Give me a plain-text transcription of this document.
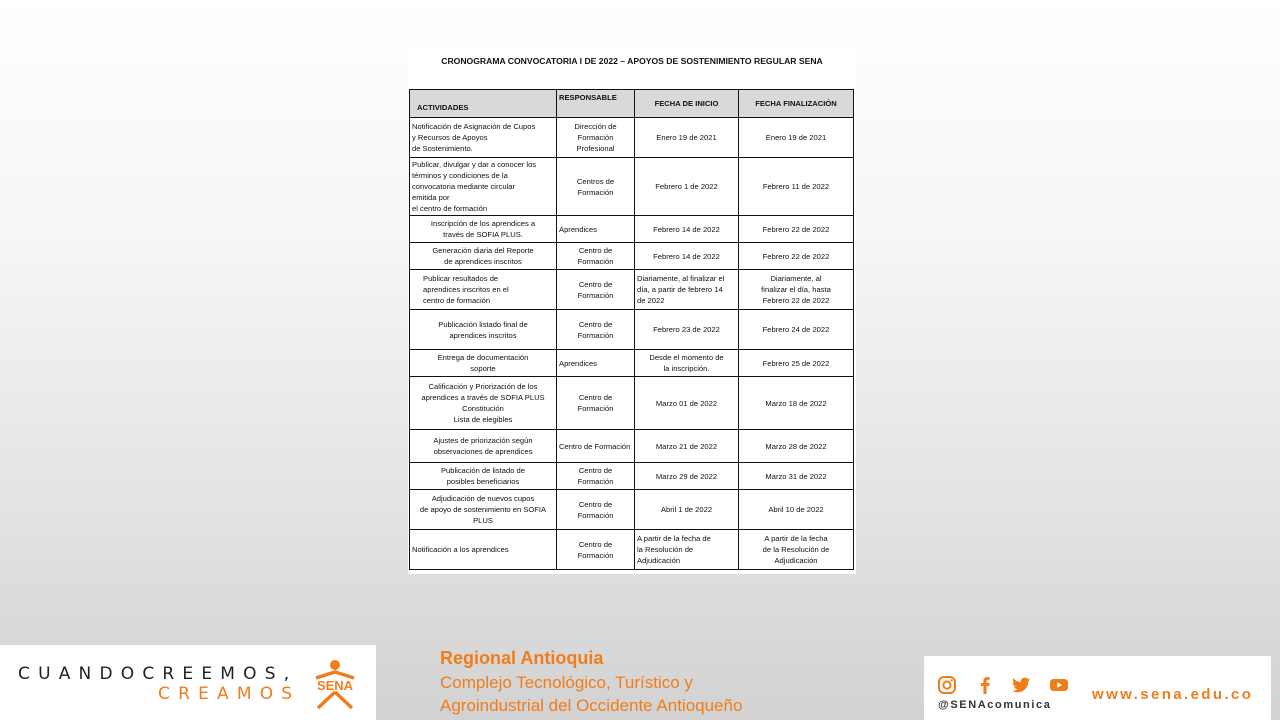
CRONOGRAMA CONVOCATORIA I DE 2022 – APOYOS DE SOSTENIMIENTO REGULAR SENA
ACTIVIDADES	RESPONSABLE	FECHA DE INICIO	FECHA FINALIZACIÓN

Notificación de Asignación de Cupos
y Recursos de Apoyos
de Sostenimiento.	Dirección de
Formación
Profesional	Enero 19 de 2021	Enero 19 de 2021

Publicar, divulgar y dar a conocer los
términos y condiciones de la
convocatoria mediante circular
emitida por
el centro de formación	Centros de
Formación	Febrero 1 de 2022	Febrero 11 de 2022

Inscripción de los aprendices a
través de SOFIA PLUS.	Aprendices	Febrero 14 de 2022	Febrero 22 de 2022

Generación diaria del Reporte
de aprendices inscritos	Centro de
Formación	Febrero 14 de 2022	Febrero 22 de 2022

Publicar resultados de
aprendices inscritos en el
centro de formación	Centro de
Formación	Diariamente, al finalizar el
día, a partir de febrero 14
de 2022	Diariamente, al
finalizar el día, hasta
Febrero 22 de 2022

Publicación listado final de
aprendices inscritos	Centro de
Formación	Febrero 23 de 2022	Febrero 24 de 2022

Entrega de documentación
soporte	Aprendices	Desde el momento de
la inscripción.	Febrero 25 de 2022

Calificación y Priorización de los
aprendices a través de SOFIA PLUS
Constitución
Lista de elegibles	Centro de
Formación	Marzo 01 de 2022	Marzo 18 de 2022

Ajustes de priorización según
observaciones de aprendices	Centro de Formación	Marzo 21 de 2022	Marzo 28 de 2022

Publicación de listado de
posibles beneficiarios	Centro de
Formación	Marzo 29 de 2022	Marzo 31 de 2022

Adjudicación de nuevos cupos
de apoyo de sostenimiento en SOFIA
PLUS	Centro de
Formación	Abril 1 de 2022	Abril 10 de 2022

Notificación a los aprendices	Centro de
Formación	A partir de la fecha de
la Resolución de
Adjudicación	A partir de la fecha
de la Resolución de
Adjudicación
CUANDOCREEMOS,
CREAMOS SENA
Regional Antioquia
Complejo Tecnológico, Turístico y
Agroindustrial del Occidente Antioqueño	@SENAcomunica
www.sena.edu.co
